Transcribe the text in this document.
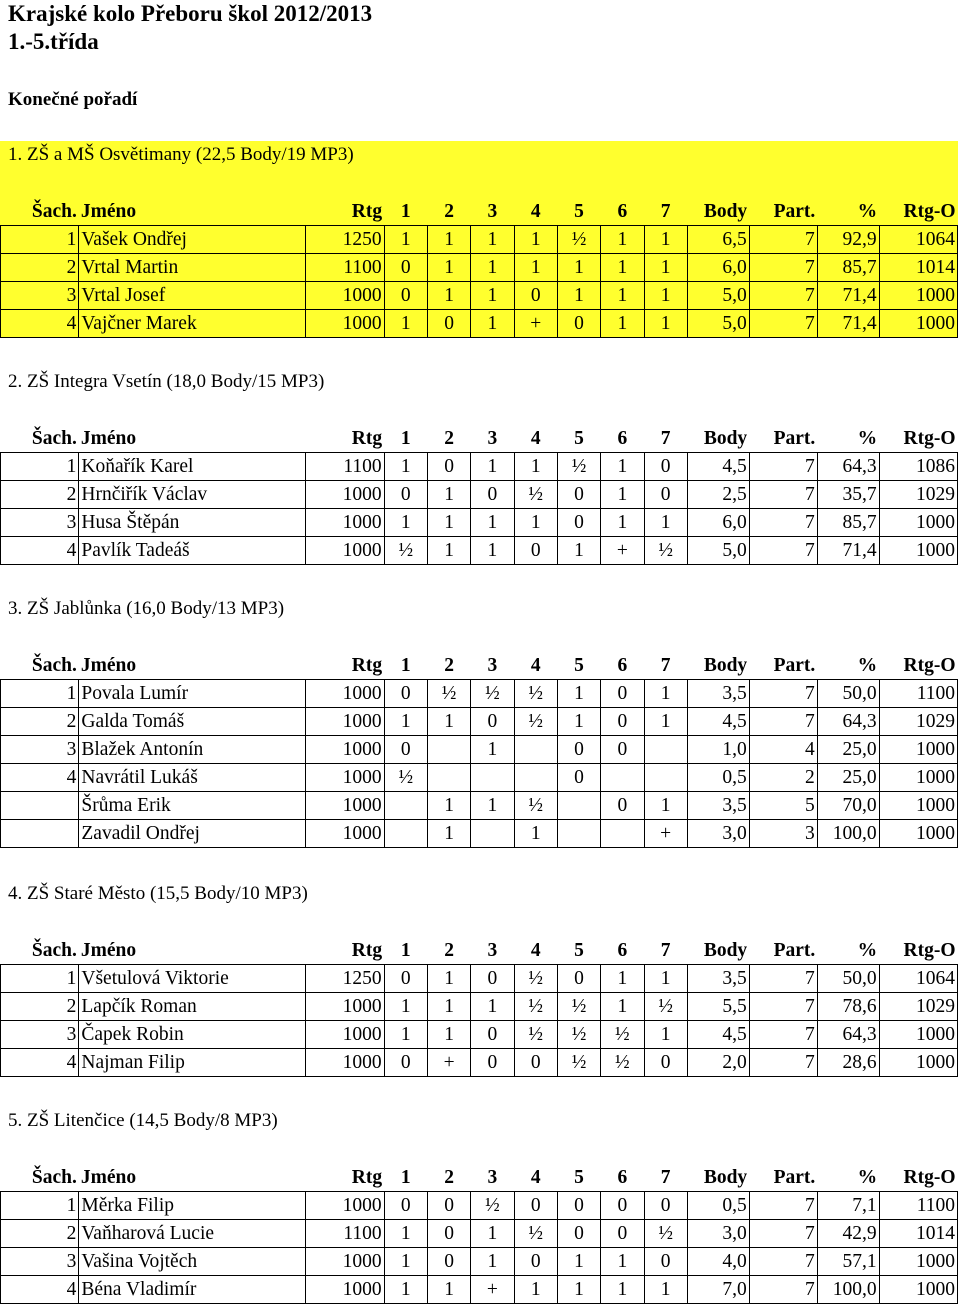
Krajské kolo Přeboru škol 2012/2013
1.-5.třída
Konečné pořadí
1. ZŠ a MŠ Osvětimany (22,5 Body/19 MP3)
Šach.	Jméno	Rtg	1	2	3	4	5	6	7	Body	Part.	%	Rtg-O
1	Vašek Ondřej	1250	1	1	1	1	½	1	1	6,5	7	92,9	1064
2	Vrtal Martin	1100	0	1	1	1	1	1	1	6,0	7	85,7	1014
3	Vrtal Josef	1000	0	1	1	0	1	1	1	5,0	7	71,4	1000
4	Vajčner Marek	1000	1	0	1	+	0	1	1	5,0	7	71,4	1000
2. ZŠ Integra Vsetín (18,0 Body/15 MP3)
Šach.	Jméno	Rtg	1	2	3	4	5	6	7	Body	Part.	%	Rtg-O
1	Koňařík Karel	1100	1	0	1	1	½	1	0	4,5	7	64,3	1086
2	Hrnčiřík Václav	1000	0	1	0	½	0	1	0	2,5	7	35,7	1029
3	Husa Štěpán	1000	1	1	1	1	0	1	1	6,0	7	85,7	1000
4	Pavlík Tadeáš	1000	½	1	1	0	1	+	½	5,0	7	71,4	1000
3. ZŠ Jablůnka (16,0 Body/13 MP3)
Šach.	Jméno	Rtg	1	2	3	4	5	6	7	Body	Part.	%	Rtg-O
1	Povala Lumír	1000	0	½	½	½	1	0	1	3,5	7	50,0	1100
2	Galda Tomáš	1000	1	1	0	½	1	0	1	4,5	7	64,3	1029
3	Blažek Antonín	1000	0		1		0	0		1,0	4	25,0	1000
4	Navrátil Lukáš	1000	½				0			0,5	2	25,0	1000
	Šrůma Erik	1000		1	1	½		0	1	3,5	5	70,0	1000
	Zavadil Ondřej	1000		1		1			+	3,0	3	100,0	1000
4. ZŠ Staré Město (15,5 Body/10 MP3)
Šach.	Jméno	Rtg	1	2	3	4	5	6	7	Body	Part.	%	Rtg-O
1	Všetulová Viktorie	1250	0	1	0	½	0	1	1	3,5	7	50,0	1064
2	Lapčík Roman	1000	1	1	1	½	½	1	½	5,5	7	78,6	1029
3	Čapek Robin	1000	1	1	0	½	½	½	1	4,5	7	64,3	1000
4	Najman Filip	1000	0	+	0	0	½	½	0	2,0	7	28,6	1000
5. ZŠ Litenčice (14,5 Body/8 MP3)
Šach.	Jméno	Rtg	1	2	3	4	5	6	7	Body	Part.	%	Rtg-O
1	Měrka Filip	1000	0	0	½	0	0	0	0	0,5	7	7,1	1100
2	Vaňharová Lucie	1100	1	0	1	½	0	0	½	3,0	7	42,9	1014
3	Vašina Vojtěch	1000	1	0	1	0	1	1	0	4,0	7	57,1	1000
4	Béna Vladimír	1000	1	1	+	1	1	1	1	7,0	7	100,0	1000
